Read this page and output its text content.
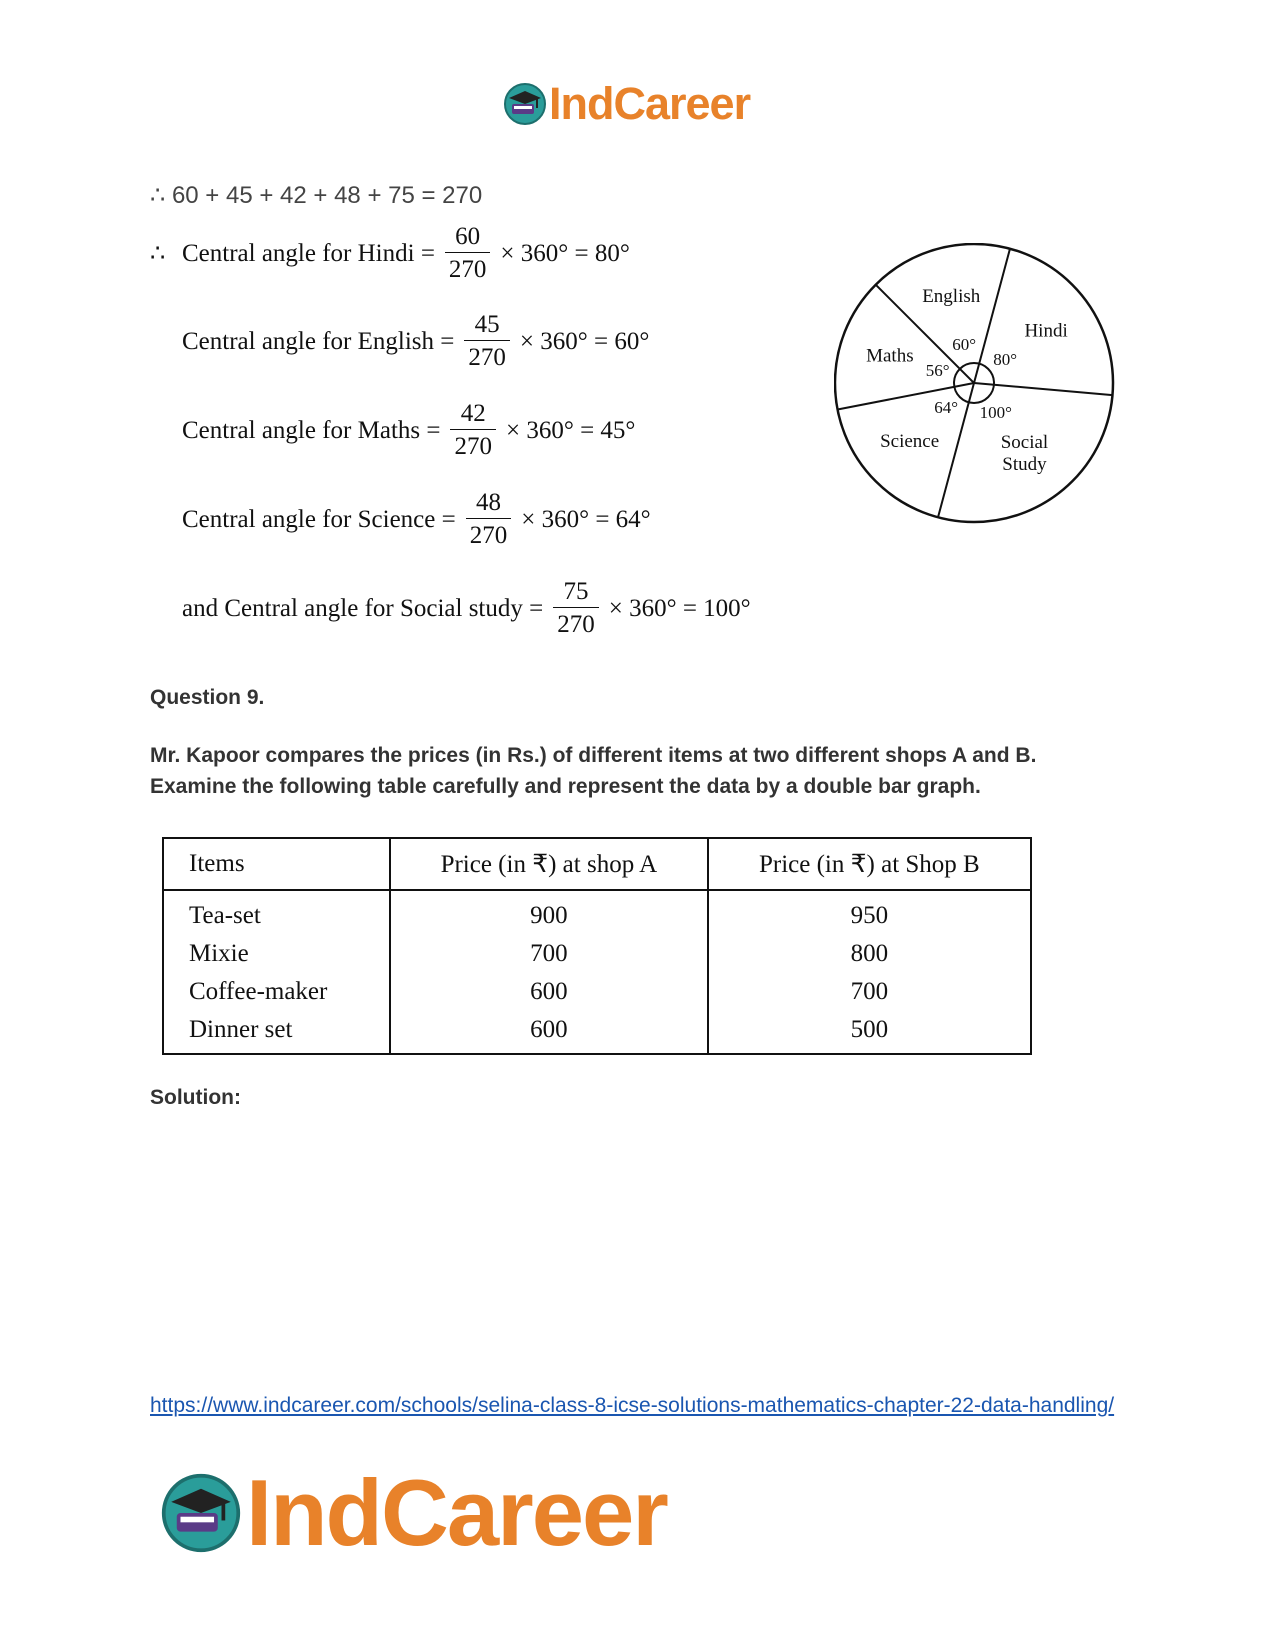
IndCareer
∴ 60 + 45 + 42 + 48 + 75 = 270
∴ Central angle for Hindi = $\frac{60}{270} \times 360^\circ = 80^\circ$
Central angle for English = $\frac{45}{270} \times 360^\circ = 60^\circ$
Central angle for Maths = $\frac{42}{270} \times 360^\circ = 45^\circ$
Central angle for Science = $\frac{48}{270} \times 360^\circ = 64^\circ$
and Central angle for Social study = $\frac{75}{270} \times 360^\circ = 100^\circ$
Hindi
80°
Social Study
100°
Science
64°
Maths
56°
English
60°
Question 9.
Mr. Kapoor compares the prices (in Rs.) of different items at two different shops A and B. Examine the following table carefully and represent the data by a double bar graph.
Items	Price (in ₹) at shop A	Price (in ₹) at Shop B
Tea-set	900	950
Mixie	700	800
Coffee-maker	600	700
Dinner set	600	500
Solution:
https://www.indcareer.com/schools/selina-class-8-icse-solutions-mathematics-chapter-22-data-handling/
IndCareer
